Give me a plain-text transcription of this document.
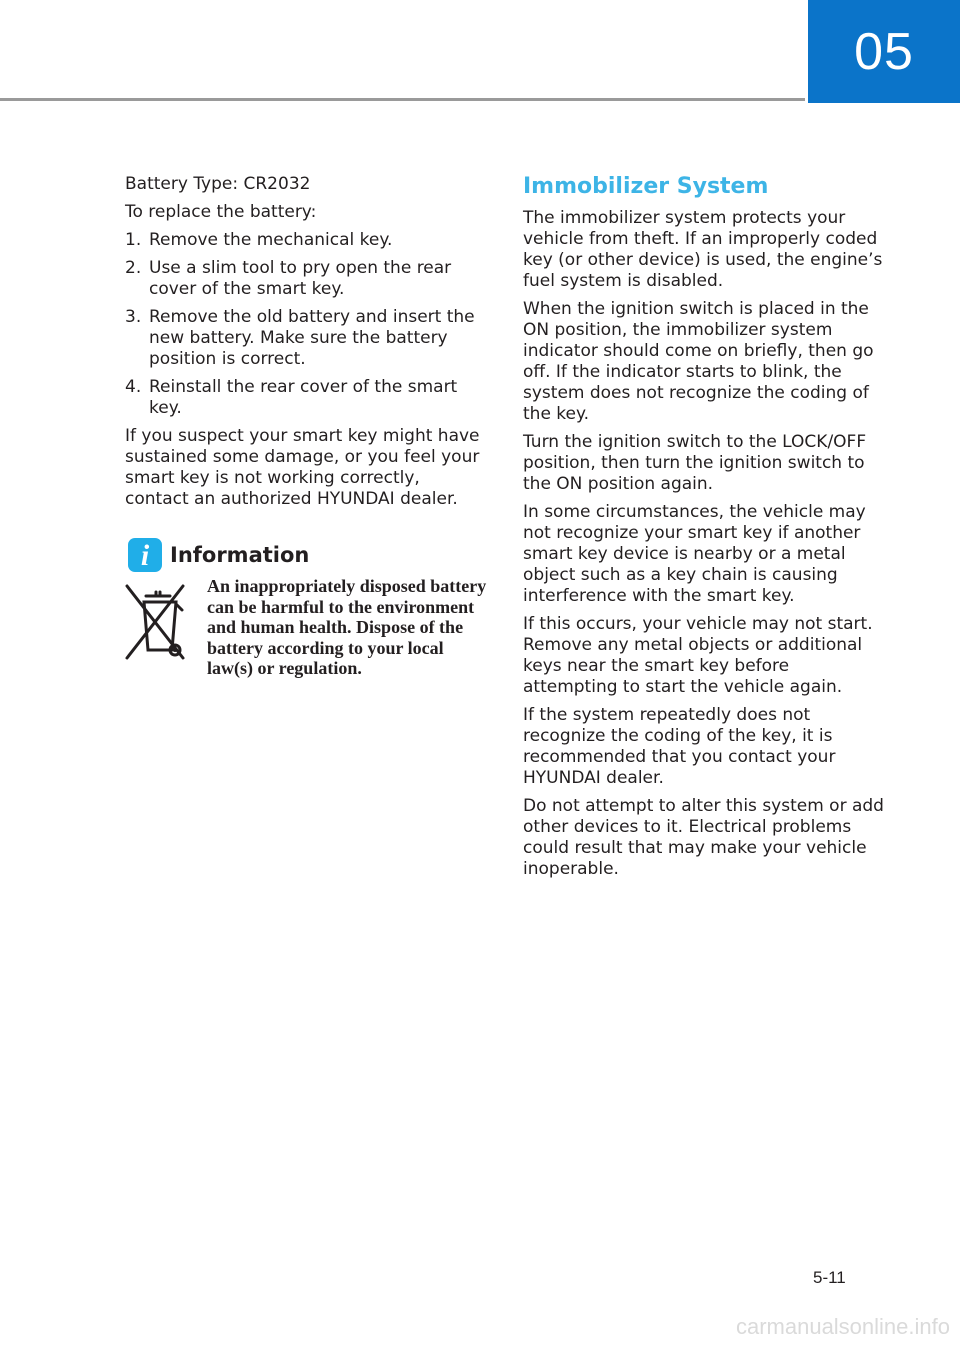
05

Battery Type: CR2032

To replace the battery:

1. Remove the mechanical key.
2. Use a slim tool to pry open the rear cover of the smart key.
3. Remove the old battery and insert the new battery. Make sure the battery position is correct.
4. Reinstall the rear cover of the smart key.

If you suspect your smart key might have sustained some damage, or you feel your smart key is not working correctly, contact an authorized HYUNDAI dealer.

i Information
An inappropriately disposed battery can be harmful to the environment and human health. Dispose of the battery according to your local law(s) or regulation.
Immobilizer System

The immobilizer system protects your vehicle from theft. If an improperly coded key (or other device) is used, the engine’s fuel system is disabled.

When the ignition switch is placed in the ON position, the immobilizer system indicator should come on briefly, then go off. If the indicator starts to blink, the system does not recognize the coding of the key.

Turn the ignition switch to the LOCK/OFF position, then turn the ignition switch to the ON position again.

In some circumstances, the vehicle may not recognize your smart key if another smart key device is nearby or a metal object such as a key chain is causing interference with the smart key.

If this occurs, your vehicle may not start. Remove any metal objects or additional keys near the smart key before attempting to start the vehicle again.

If the system repeatedly does not recognize the coding of the key, it is recommended that you contact your HYUNDAI dealer.

Do not attempt to alter this system or add other devices to it. Electrical problems could result that may make your vehicle inoperable.

5-11
carmanualsonline.info
